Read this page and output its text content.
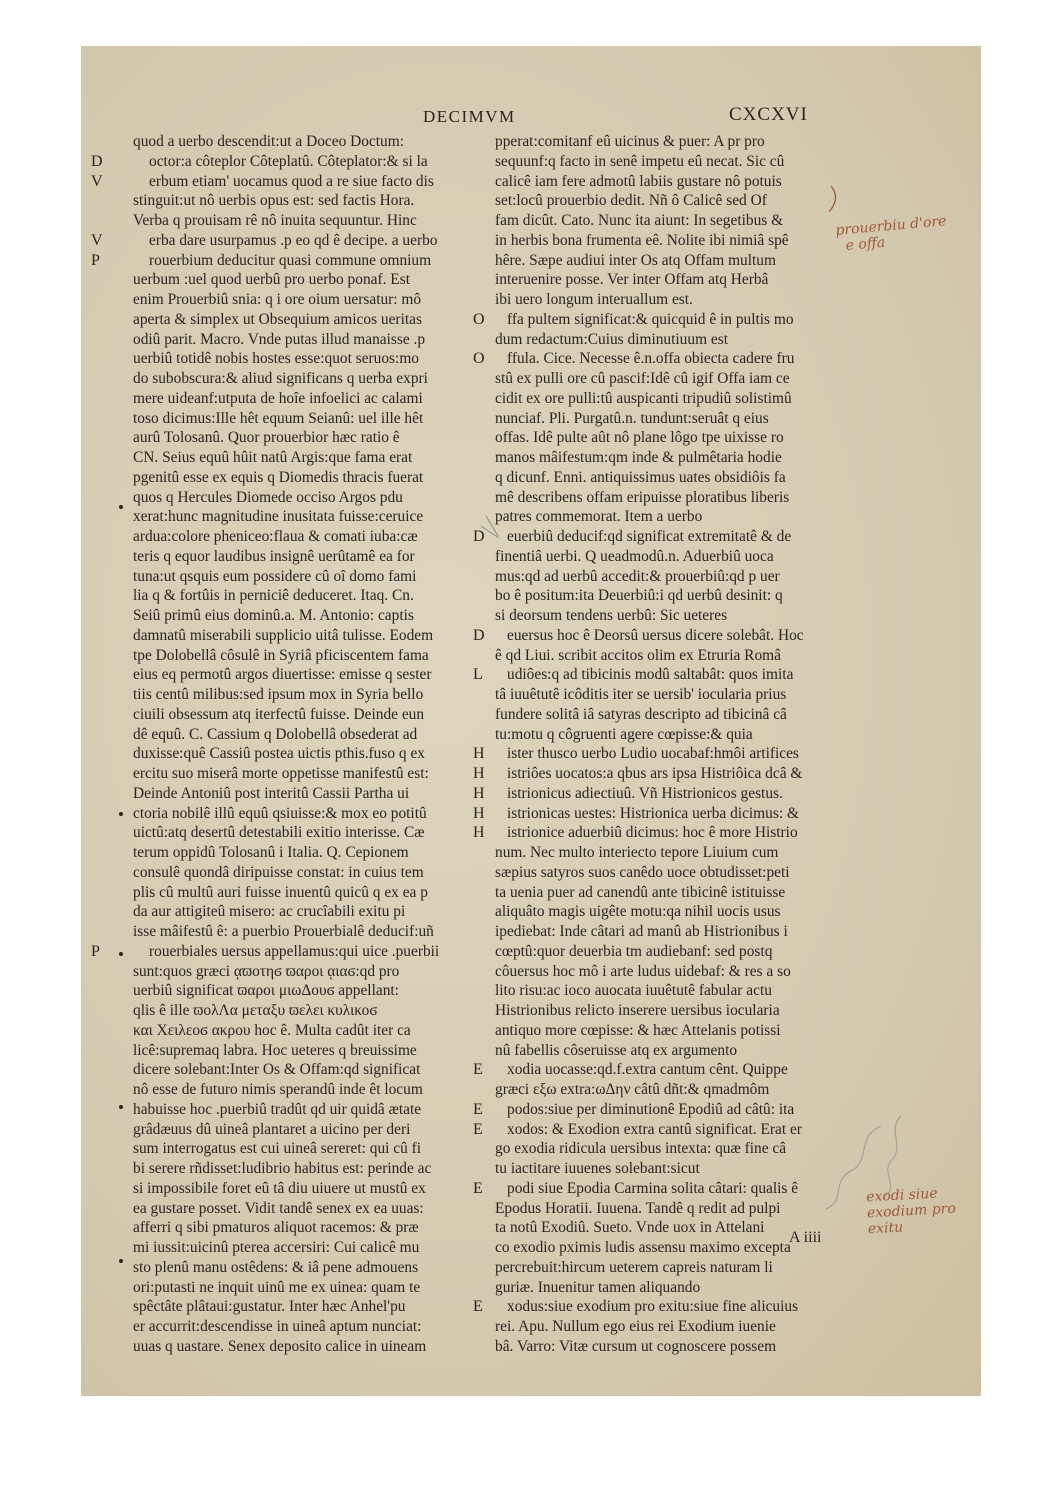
DECIMVM	CXCXVI
quod a uerbo descendit:ut a Doceo Doctum:
D	octor:a côteplor Côteplatû. Côteplator:& si la
V	erbum etiam' uocamus quod a re siue facto dis
stinguit:ut nô uerbis opus est: sed factis Hora.
Verba q prouisam rê nô inuita sequuntur. Hinc
V	erba dare usurpamus .p eo qd ê decipe. a uerbo
P	rouerbium deducitur quasi commune omnium
uerbum :uel quod uerbû pro uerbo ponaf. Est
enim Prouerbiû snia: q i ore oium uersatur: mô
aperta & simplex ut Obsequium amicos ueritas
odiû parit. Macro. Vnde putas illud manaisse .p
uerbiû totidê nobis hostes esse:quot seruos:mo
do subobscura:& aliud significans q uerba expri
mere uideanf:utputa de hoîe infoelici ac calami
toso dicimus:Ille hêt equum Seianû: uel ille hêt
aurû Tolosanû. Quor prouerbior hæc ratio ê
CN. Seius equû hûit natû Argis:que fama erat
pgenitû esse ex equis q Diomedis thracis fuerat
quos q Hercules Diomede occiso Argos pdu
xerat:hunc magnitudine inusitata fuisse:ceruice
ardua:colore pheniceo:flaua & comati iuba:cæ
teris q equor laudibus insignê uerûtamê ea for
tuna:ut qsquis eum possidere cû oî domo fami
lia q & fortûis in perniciê deduceret. Itaq. Cn.
Seiû primû eius dominû.a. M. Antonio: captis
damnatû miserabili supplicio uitâ tulisse. Eodem
tpe Dolobellâ côsulê in Syriâ pficiscentem fama
eius eq permotû argos diuertisse: emisse q sester
tiis centû milibus:sed ipsum mox in Syria bello
ciuili obsessum atq iterfectû fuisse. Deinde eun
dê equû. C. Cassium q Dolobellâ obsederat ad
duxisse:quê Cassiû postea uictis pthis.fuso q ex
ercitu suo miserâ morte oppetisse manifestû est:
Deinde Antoniû post interitû Cassii Partha ui
ctoria nobilê illû equû qsiuisse:& mox eo potitû
uictû:atq desertû detestabili exitio interisse. Cæ
terum oppidû Tolosanû i Italia. Q. Cepionem
consulê quondâ diripuisse constat: in cuius tem
plis cû multû auri fuisse inuentû quicû q ex ea p
da aur attigiteû misero: ac crucîabili exitu pi
isse mâifestû ê: a puerbio Prouerbialê deducif:uñ
P	rouerbiales uersus appellamus:qui uice .puerbii
sunt:quos græci ᾳϖοτηϭ ϖαροι ᾳιαϭ:qd pro
uerbiû significat ϖαροι μιωΔουϭ appellant:
qlis ê ille ϖολΛα μεταξυ ϖελει κυλικοϭ
και Χειλεοϭ ακρου hoc ê. Multa cadût iter ca
licê:supremaq labra. Hoc ueteres q breuissime
dicere solebant:Inter Os & Offam:qd significat
nô esse de futuro nimis sperandû inde êt locum
habuisse hoc .puerbiû tradût qd uir quidâ ætate
grâdæuus dû uineâ plantaret a uicino per deri
sum interrogatus est cui uineâ sereret: qui cû fi
bi serere rñdisset:ludibrio habitus est: perinde ac
si impossibile foret eû tâ diu uiuere ut mustû ex
ea gustare posset. Vidit tandê senex ex ea uuas:
afferri q sibi pmaturos aliquot racemos: & præ
mi iussit:uicinû pterea accersiri: Cui calicê mu
sto plenû manu ostêdens: & iâ pene admouens
ori:putasti ne inquit uinû me ex uinea: quam te
spêctâte plâtaui:gustatur. Inter hæc Anhel'pu
er accurrit:descendisse in uineâ aptum nunciat:
uuas q uastare. Senex deposito calice in uineam
pperat:comitanf eû uicinus & puer: A pr pro
sequunf:q facto in senê impetu eû necat. Sic cû
calicê iam fere admotû labiis gustare nô potuis
set:locû prouerbio dedit. Nñ ô Calicê sed Of
fam dicût. Cato. Nunc ita aiunt: In segetibus &
in herbis bona frumenta eê. Nolite ibi nimiâ spê
hêre. Sæpe audiui inter Os atq Offam multum
interuenire posse. Ver inter Offam atq Herbâ
ibi uero longum interuallum est.
O ffa pultem significat:& quicquid ê in pultis mo
dum redactum:Cuius diminutiuum est
O ffula. Cice. Necesse ê.n.offa obiecta cadere fru
stû ex pulli ore cû pascif:Idê cû igif Offa iam ce
cidit ex ore pulli:tû auspicanti tripudiû solistimû
nunciaf. Pli. Purgatû.n. tundunt:seruât q eius
offas. Idê pulte aût nô plane lôgo tpe uixisse ro
manos mâifestum:qm inde & pulmêtaria hodie
q dicunf. Enni. antiquissimus uates obsidiôis fa
mê describens offam eripuisse ploratibus liberis
patres commemorat. Item a uerbo
D euerbiû deducif:qd significat extremitatê & de
finentiâ uerbi. Q ueadmodû.n. Aduerbiû uoca
mus:qd ad uerbû accedit:& prouerbiû:qd p uer
bo ê positum:ita Deuerbiû:i qd uerbû desinit: q
si deorsum tendens uerbû: Sic ueteres
D euersus hoc ê Deorsû uersus dicere solebât. Hoc
ê qd Liui. scribit accitos olim ex Etruria Româ
L udiôes:q ad tibicinis modû saltabât: quos imita
tâ iuuêtutê icôditis iter se uersib' iocularia prius
fundere solitâ iâ satyras descripto ad tibicinâ câ
tu:motu q côgruenti agere cœpisse:& quia
H ister thusco uerbo Ludio uocabaf:hmôi artifices
H istriôes uocatos:a qbus ars ipsa Histriôica dcâ &
H istrionicus adiectiuû. Vñ Histrionicos gestus.
H istrionicas uestes: Histrionica uerba dicimus: &
H istrionice aduerbiû dicimus: hoc ê more Histrio
num. Nec multo interiecto tepore Liuium cum
sæpius satyros suos canêdo uoce obtudisset:peti
ta uenia puer ad canendû ante tibicinê istituisse
aliquâto magis uigête motu:qa nihil uocis usus
ipediebat: Inde câtari ad manû ab Histrionibus i
cœptû:quor deuerbia tm audiebanf: sed postq
côuersus hoc mô i arte ludus uidebaf: & res a so
lito risu:ac ioco auocata iuuêtutê fabular actu
Histrionibus relicto inserere uersibus iocularia
antiquo more cœpisse: & hæc Attelanis potissi
nû fabellis côseruisse atq ex argumento
E xodia uocasse:qd.f.extra cantum cênt. Quippe
græci εξω extra:ωΔην câtû dñt:& qmadmôm
E podos:siue per diminutionê Epodiû ad câtû: ita
E xodos: & Exodion extra cantû significat. Erat er
go exodia ridicula uersibus intexta: quæ fine câ
tu iactitare iuuenes solebant:sicut
E podi siue Epodia Carmina solita câtari: qualis ê
Epodus Horatii. Iuuena. Tandê q redit ad pulpi
ta notû Exodiû. Sueto. Vnde uox in Attelani
co exodio pximis ludis assensu maximo excepta
percrebuit:hircum ueterem capreis naturam li
guriæ. Inuenitur tamen aliquando
E xodus:siue exodium pro exitu:siue fine alicuius
rei. Apu. Nullum ego eius rei Exodium iuenie
bâ. Varro: Vitæ cursum ut cognoscere possem
A iiii
prouerbiu d'ore
e offa
exodi siue
exodium pro
exitu
